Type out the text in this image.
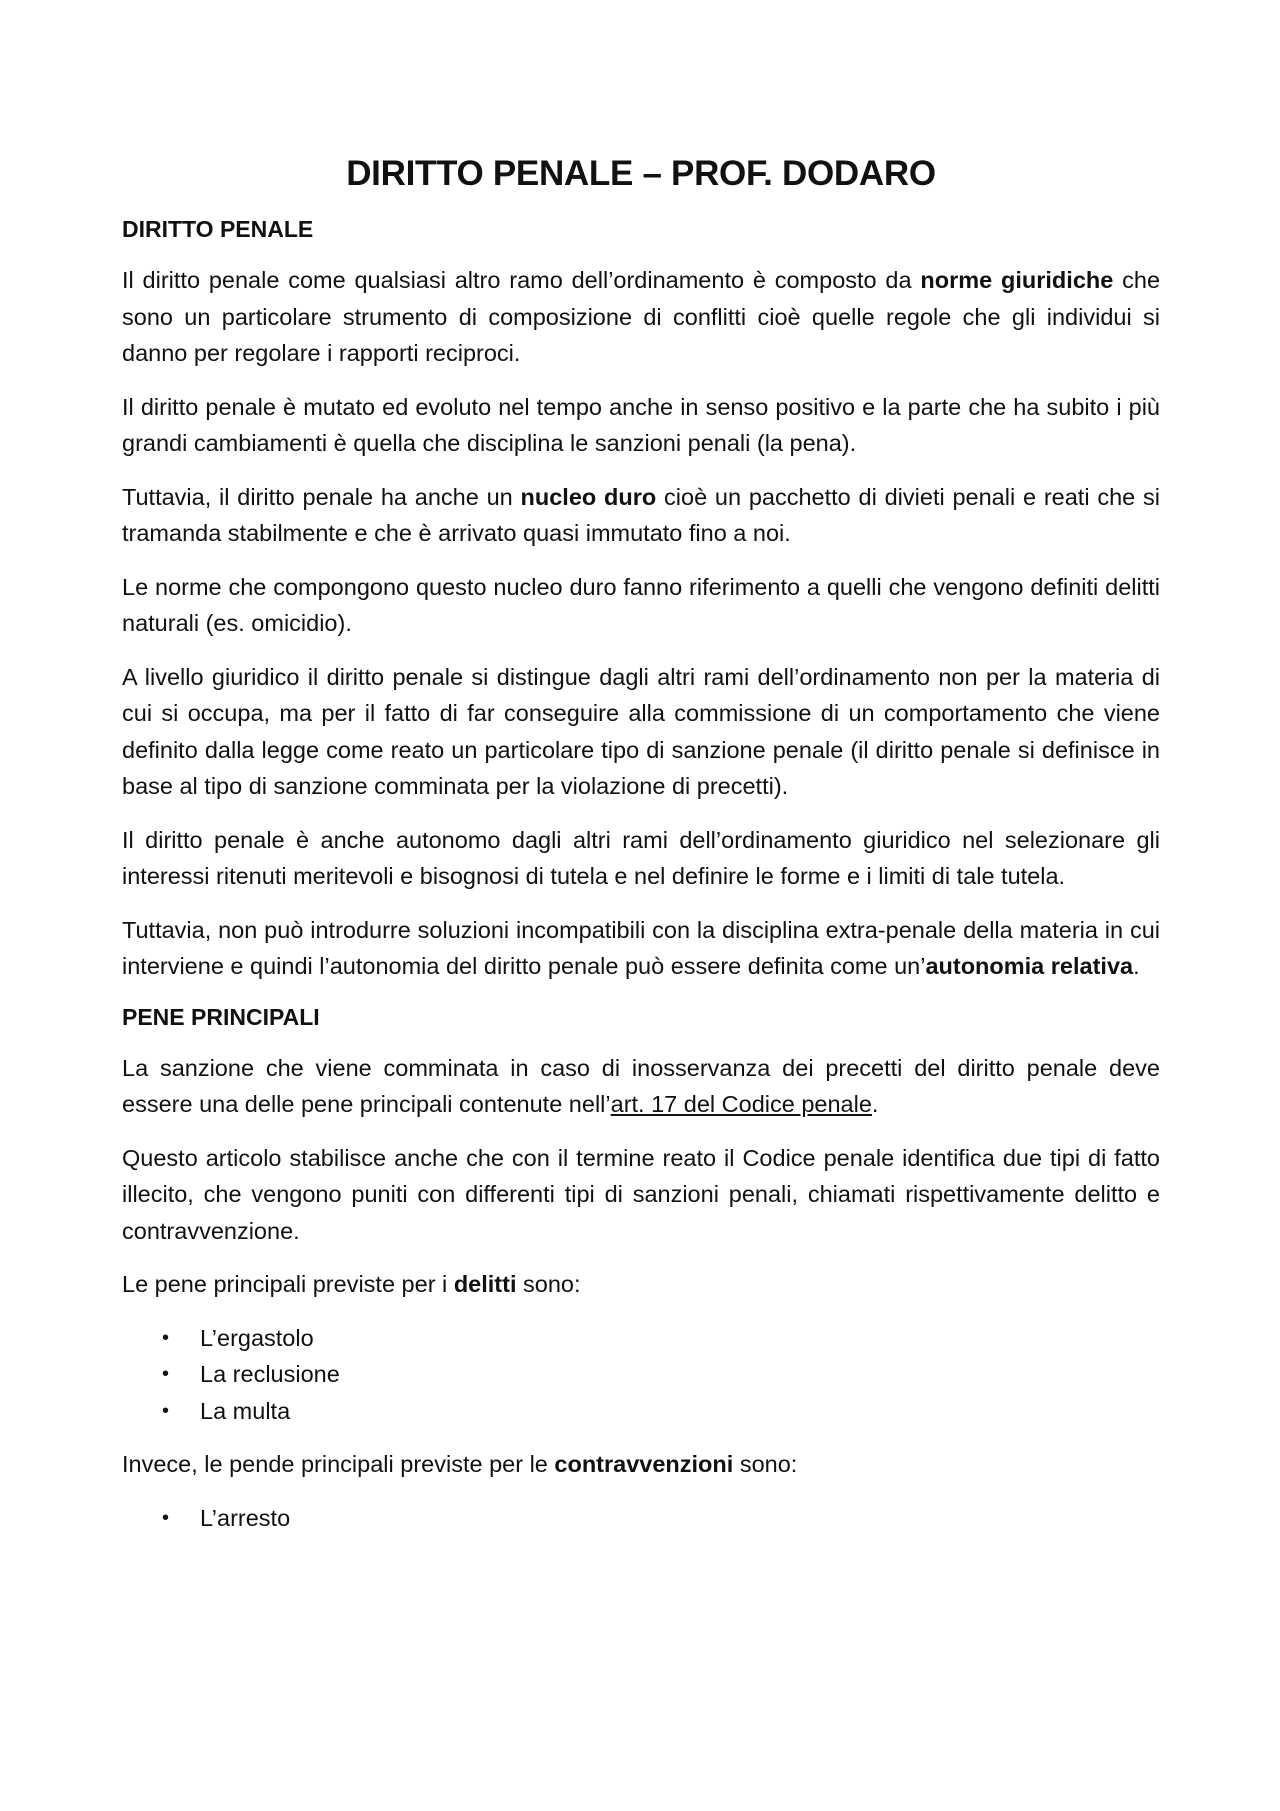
DIRITTO PENALE – PROF. DODARO
DIRITTO PENALE

Il diritto penale come qualsiasi altro ramo dell’ordinamento è composto da norme giuridiche che sono un particolare strumento di composizione di conflitti cioè quelle regole che gli individui si danno per regolare i rapporti reciproci.

Il diritto penale è mutato ed evoluto nel tempo anche in senso positivo e la parte che ha subito i più grandi cambiamenti è quella che disciplina le sanzioni penali (la pena).

Tuttavia, il diritto penale ha anche un nucleo duro cioè un pacchetto di divieti penali e reati che si tramanda stabilmente e che è arrivato quasi immutato fino a noi.

Le norme che compongono questo nucleo duro fanno riferimento a quelli che vengono definiti delitti naturali (es. omicidio).

A livello giuridico il diritto penale si distingue dagli altri rami dell’ordinamento non per la materia di cui si occupa, ma per il fatto di far conseguire alla commissione di un comportamento che viene definito dalla legge come reato un particolare tipo di sanzione penale (il diritto penale si definisce in base al tipo di sanzione comminata per la violazione di precetti).

Il diritto penale è anche autonomo dagli altri rami dell’ordinamento giuridico nel selezionare gli interessi ritenuti meritevoli e bisognosi di tutela e nel definire le forme e i limiti di tale tutela.

Tuttavia, non può introdurre soluzioni incompatibili con la disciplina extra-penale della materia in cui interviene e quindi l’autonomia del diritto penale può essere definita come un’autonomia relativa.

PENE PRINCIPALI

La sanzione che viene comminata in caso di inosservanza dei precetti del diritto penale deve essere una delle pene principali contenute nell’art. 17 del Codice penale.

Questo articolo stabilisce anche che con il termine reato il Codice penale identifica due tipi di fatto illecito, che vengono puniti con differenti tipi di sanzioni penali, chiamati rispettivamente delitto e contravvenzione.

Le pene principali previste per i delitti sono:

•	L’ergastolo
•	La reclusione
•	La multa

Invece, le pende principali previste per le contravvenzioni sono:

•	L’arresto
